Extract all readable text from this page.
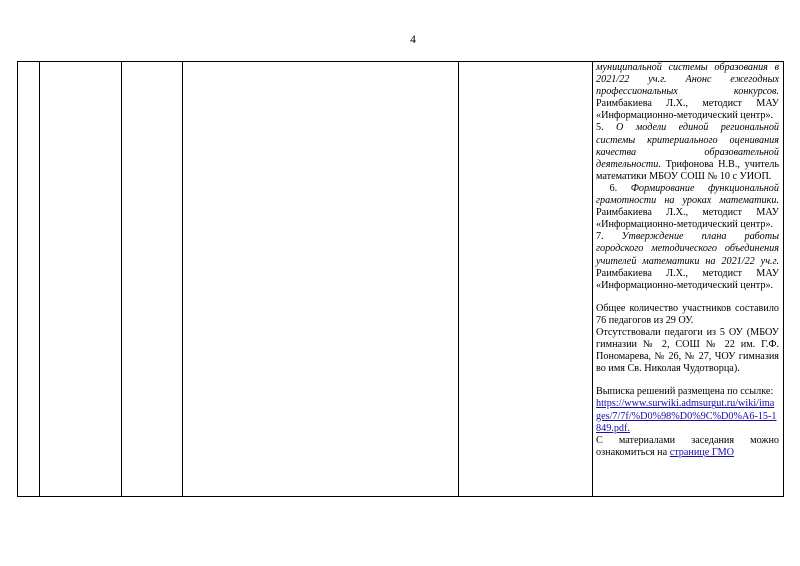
4

муниципальной системы образования в 2021/22 уч.г. Анонс ежегодных профессиональных конкурсов. Раимбакиева Л.Х., методист МАУ «Информационно-методический центр».

5. О модели единой региональной системы критериального оценивания качества образовательной деятельности. Трифонова Н.В., учитель математики МБОУ СОШ № 10 с УИОП.

6. Формирование функциональной грамотности на уроках математики. Раимбакиева Л.Х., методист МАУ «Информационно-методический центр».

7. Утверждение плана работы городского методического объединения учителей математики на 2021/22 уч.г. Раимбакиева Л.Х., методист МАУ «Информационно-методический центр».

Общее количество участников составило 76 педагогов из 29 ОУ.

Отсутствовали педагоги из 5 ОУ (МБОУ гимназии № 2, СОШ № 22 им. Г.Ф. Пономарева, № 26, № 27, ЧОУ гимназия во имя Св. Николая Чудотворца).

Выписка решений размещена по ссылке:

https://www.surwiki.admsurgut.ru/wiki/images/7/7f/%D0%98%D0%9C%D0%A6-15-1849.pdf.

С материалами заседания можно ознакомиться на странице ГМО
